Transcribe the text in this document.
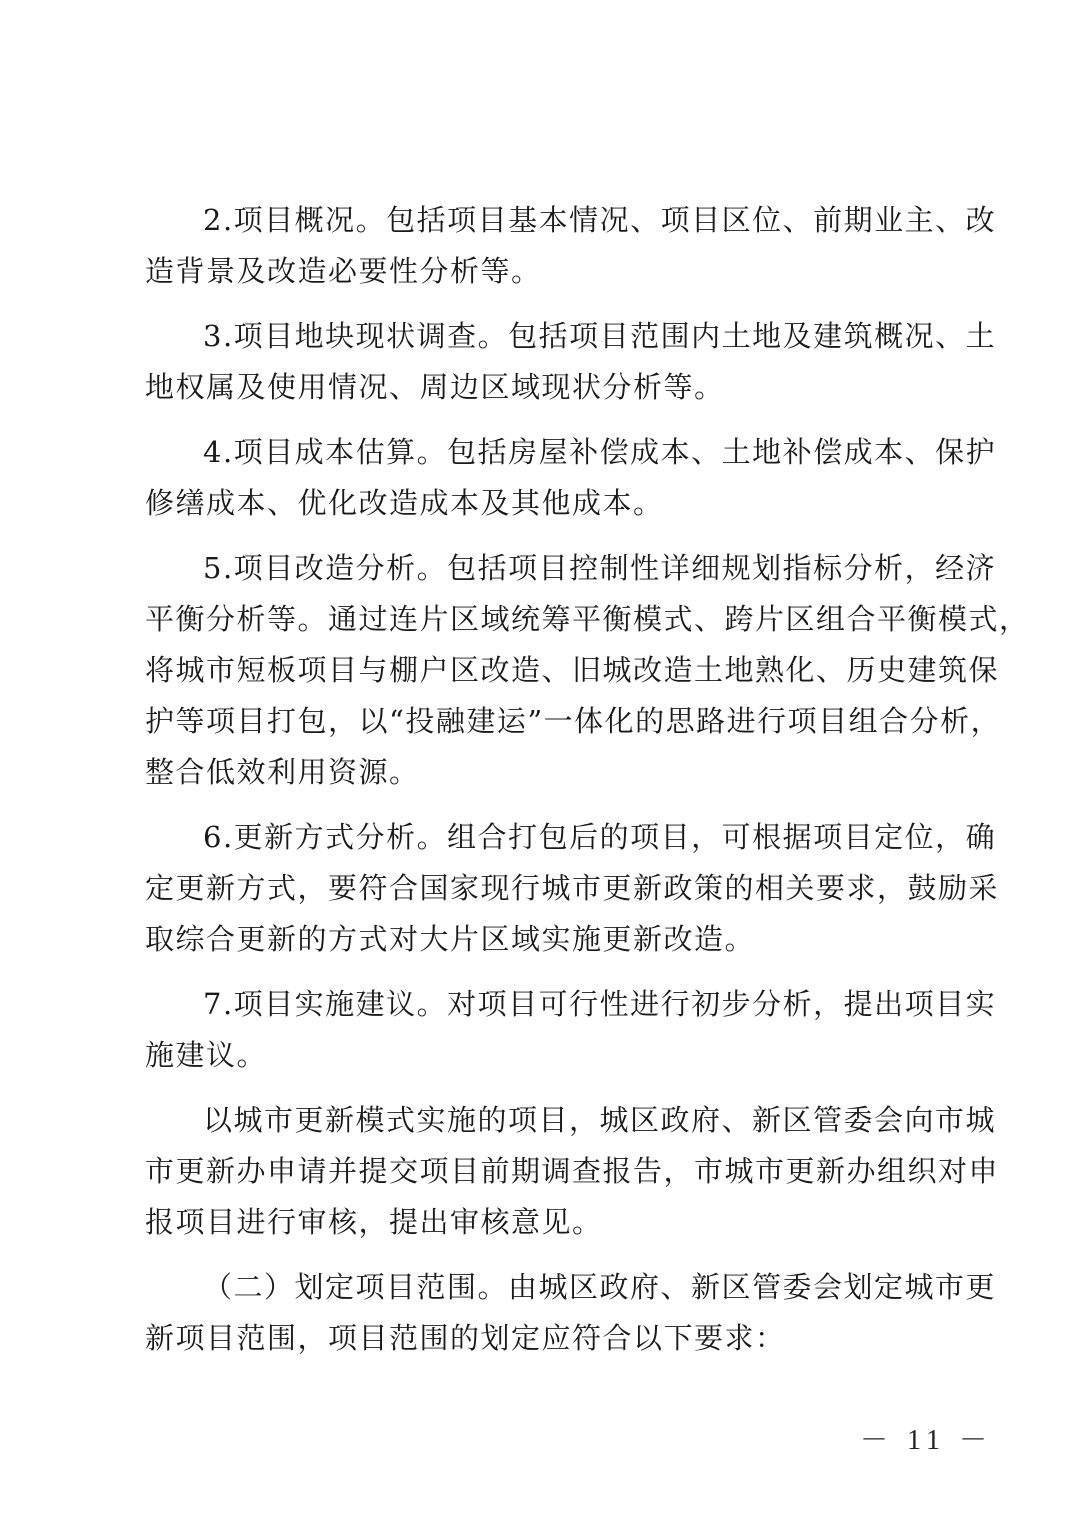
2.项目概况。包括项目基本情况、项目区位、前期业主、改
造背景及改造必要性分析等。
3.项目地块现状调查。包括项目范围内土地及建筑概况、土
地权属及使用情况、周边区域现状分析等。
4.项目成本估算。包括房屋补偿成本、土地补偿成本、保护
修缮成本、优化改造成本及其他成本。
5.项目改造分析。包括项目控制性详细规划指标分析，经济
平衡分析等。通过连片区域统筹平衡模式、跨片区组合平衡模式，
将城市短板项目与棚户区改造、旧城改造土地熟化、历史建筑保
护等项目打包，以“投融建运”一体化的思路进行项目组合分析，
整合低效利用资源。
6.更新方式分析。组合打包后的项目，可根据项目定位，确
定更新方式，要符合国家现行城市更新政策的相关要求，鼓励采
取综合更新的方式对大片区域实施更新改造。
7.项目实施建议。对项目可行性进行初步分析，提出项目实
施建议。
以城市更新模式实施的项目，城区政府、新区管委会向市城
市更新办申请并提交项目前期调查报告，市城市更新办组织对申
报项目进行审核，提出审核意见。
（二）划定项目范围。由城区政府、新区管委会划定城市更
新项目范围，项目范围的划定应符合以下要求：
－ 11 －
